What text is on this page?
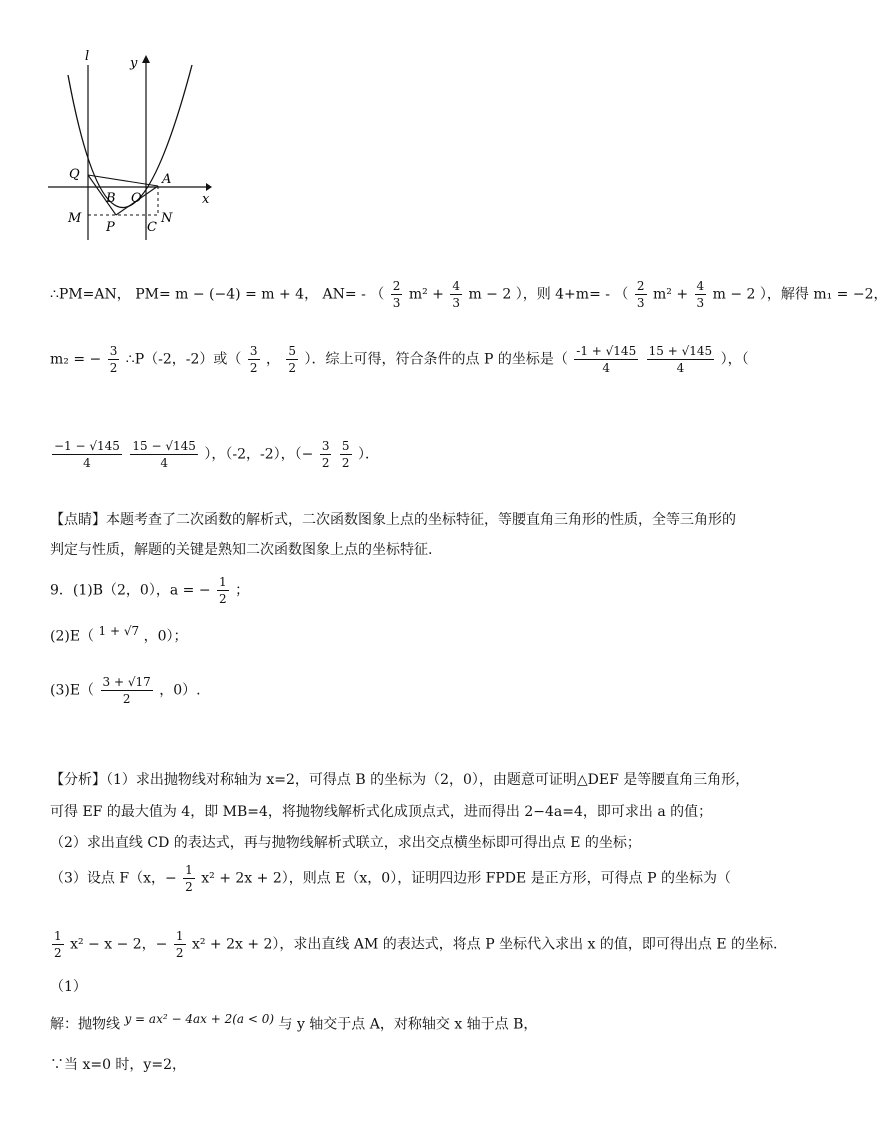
l	y
x
Q	A
B O
M
P C
N
∴PM=AN， PM= m − (−4) = m + 4， AN= - （ $\frac{2}{3} m^2 + \frac{4}{3}$ m − 2 ），则 4+m= - （ $\frac{2}{3} m^2 + \frac{4}{3}$ m − 2 ），解得 m₁ = −2，
m₂ = − $\frac{3}{2}$ ∴P（-2，-2）或（ $\frac{3}{2}$ ， $\frac{5}{2}$ ）．综上可得，符合条件的点 P 的坐标是（ $\frac{-1 + √145}{4}$
$\frac{15 + √145}{4}$ ），（
$\frac{-1 - √145}{4}$
$\frac{15 - √145}{4}$ ），（-2，-2），（− $\frac{3}{2}$
$\frac{5}{2}$ ）．
【点睛】本题考查了二次函数的解析式，二次函数图象上点的坐标特征，等腰直角三角形的性质，全等三角形的
判定与性质，解题的关键是熟知二次函数图象上点的坐标特征.
9．(1)B（2，0），a = − $\frac{1}{2}$ ；
(2)E（ 1 + √7 ，0）；
$(3)E( \frac{3 + √17}{2}$ ，0）.
【分析】（1）求出抛物线对称轴为 x=2，可得点 B 的坐标为（2，0），由题意可证明△DEF 是等腰直角三角形，
可得 EF 的最大值为 4，即 MB=4，将抛物线解析式化成顶点式，进而得出 2−4a=4，即可求出 a 的值；
（2）求出直线 CD 的表达式，再与抛物线解析式联立，求出交点横坐标即可得出点 E 的坐标；
（3）设点 F（x，− $\frac{1}{2} x^2 + 2x + 2$），则点 E（x，0），证明四边形 FPDE 是正方形，可得点 P 的坐标为（
$\frac{1}{2} x^2 - x - 2$，− $\frac{1}{2} x^2 + 2x + 2$），求出直线 AM 的表达式，将点 P 坐标代入求出 x 的值，即可得出点 E 的坐标.
（1）
解：抛物线 y = ax² − 4ax + 2(a < 0) 与 y 轴交于点 A，对称轴交 x 轴于点 B，
∵当 x=0 时，y=2，
